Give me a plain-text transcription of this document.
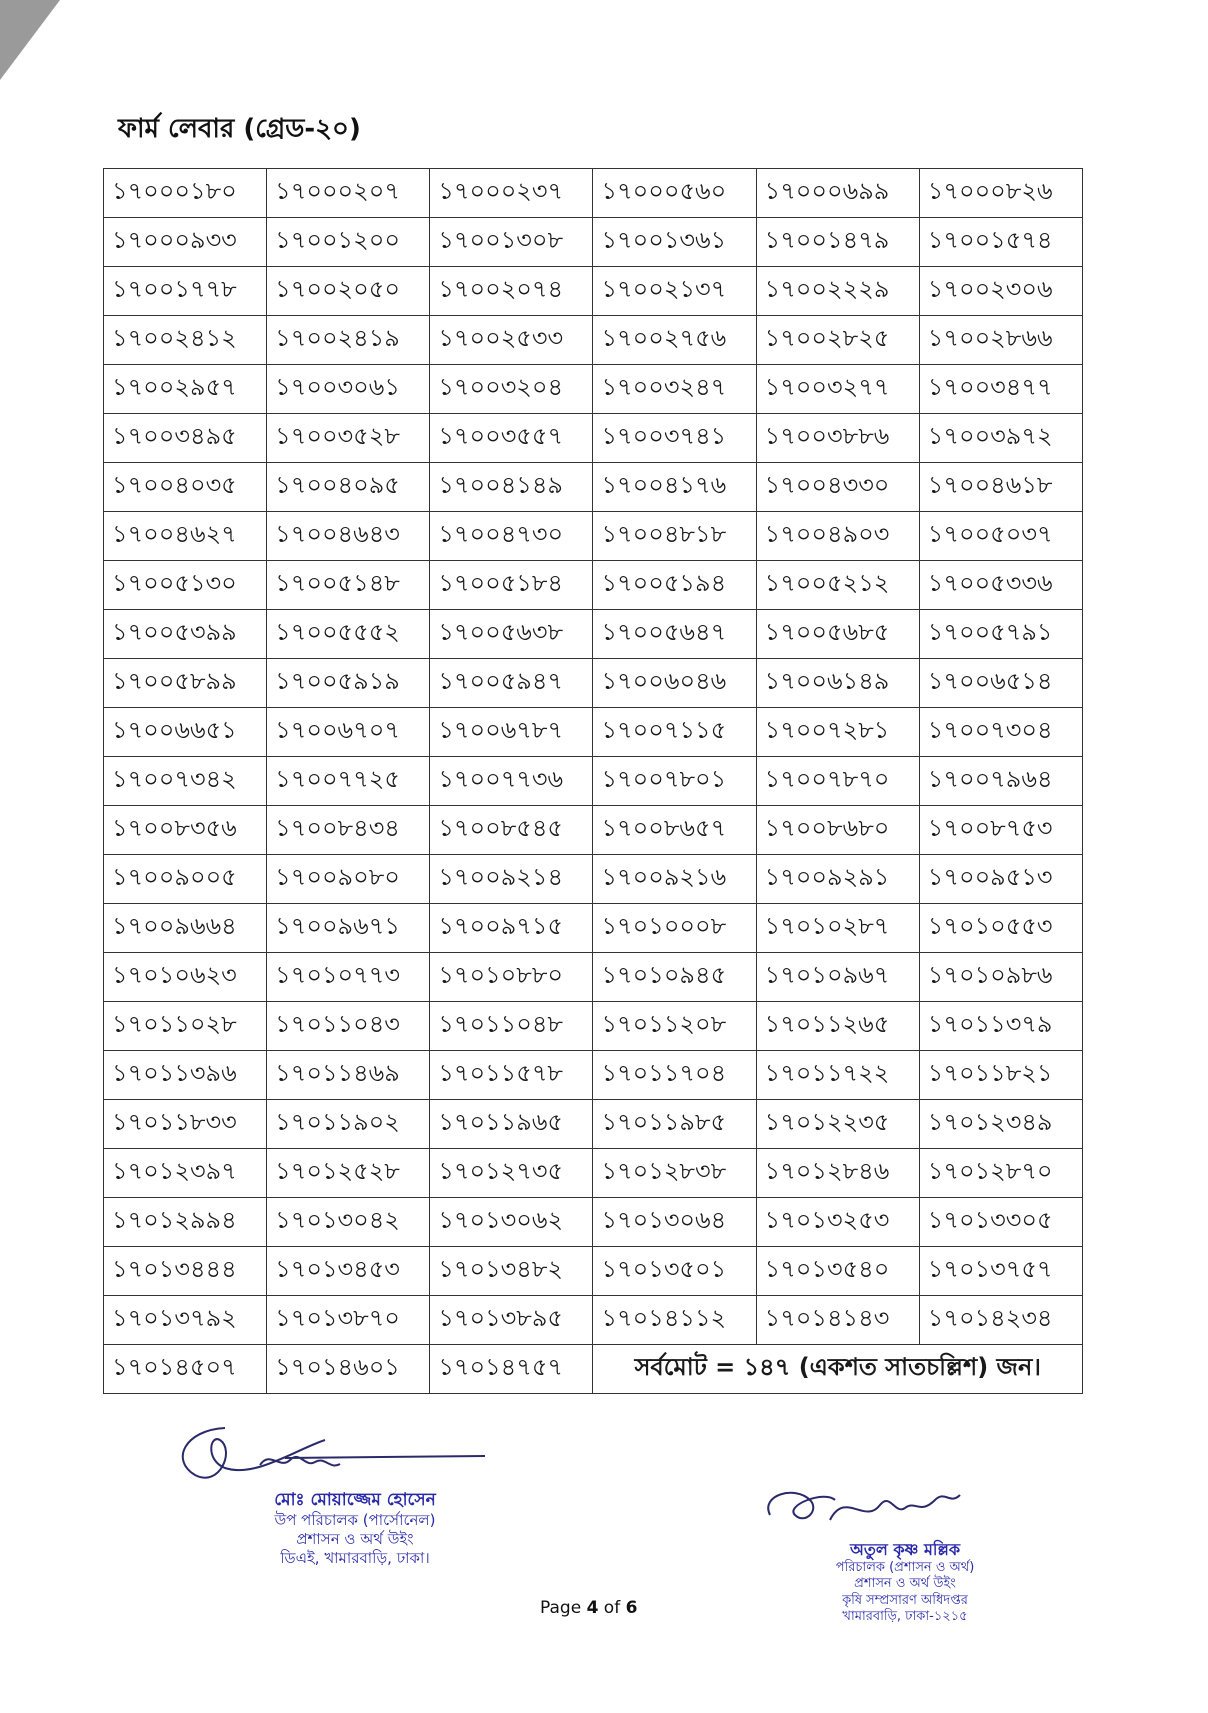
ফার্ম লেবার (গ্রেড-২০)
১৭০০০১৮০	১৭০০০২০৭	১৭০০০২৩৭	১৭০০০৫৬০	১৭০০০৬৯৯	১৭০০০৮২৬
১৭০০০৯৩৩	১৭০০১২০০	১৭০০১৩০৮	১৭০০১৩৬১	১৭০০১৪৭৯	১৭০০১৫৭৪
১৭০০১৭৭৮	১৭০০২০৫০	১৭০০২০৭৪	১৭০০২১৩৭	১৭০০২২২৯	১৭০০২৩০৬
১৭০০২৪১২	১৭০০২৪১৯	১৭০০২৫৩৩	১৭০০২৭৫৬	১৭০০২৮২৫	১৭০০২৮৬৬
১৭০০২৯৫৭	১৭০০৩০৬১	১৭০০৩২০৪	১৭০০৩২৪৭	১৭০০৩২৭৭	১৭০০৩৪৭৭
১৭০০৩৪৯৫	১৭০০৩৫২৮	১৭০০৩৫৫৭	১৭০০৩৭৪১	১৭০০৩৮৮৬	১৭০০৩৯৭২
১৭০০৪০৩৫	১৭০০৪০৯৫	১৭০০৪১৪৯	১৭০০৪১৭৬	১৭০০৪৩৩০	১৭০০৪৬১৮
১৭০০৪৬২৭	১৭০০৪৬৪৩	১৭০০৪৭৩০	১৭০০৪৮১৮	১৭০০৪৯০৩	১৭০০৫০৩৭
১৭০০৫১৩০	১৭০০৫১৪৮	১৭০০৫১৮৪	১৭০০৫১৯৪	১৭০০৫২১২	১৭০০৫৩৩৬
১৭০০৫৩৯৯	১৭০০৫৫৫২	১৭০০৫৬৩৮	১৭০০৫৬৪৭	১৭০০৫৬৮৫	১৭০০৫৭৯১
১৭০০৫৮৯৯	১৭০০৫৯১৯	১৭০০৫৯৪৭	১৭০০৬০৪৬	১৭০০৬১৪৯	১৭০০৬৫১৪
১৭০০৬৬৫১	১৭০০৬৭০৭	১৭০০৬৭৮৭	১৭০০৭১১৫	১৭০০৭২৮১	১৭০০৭৩০৪
১৭০০৭৩৪২	১৭০০৭৭২৫	১৭০০৭৭৩৬	১৭০০৭৮০১	১৭০০৭৮৭০	১৭০০৭৯৬৪
১৭০০৮৩৫৬	১৭০০৮৪৩৪	১৭০০৮৫৪৫	১৭০০৮৬৫৭	১৭০০৮৬৮০	১৭০০৮৭৫৩
১৭০০৯০০৫	১৭০০৯০৮০	১৭০০৯২১৪	১৭০০৯২১৬	১৭০০৯২৯১	১৭০০৯৫১৩
১৭০০৯৬৬৪	১৭০০৯৬৭১	১৭০০৯৭১৫	১৭০১০০০৮	১৭০১০২৮৭	১৭০১০৫৫৩
১৭০১০৬২৩	১৭০১০৭৭৩	১৭০১০৮৮০	১৭০১০৯৪৫	১৭০১০৯৬৭	১৭০১০৯৮৬
১৭০১১০২৮	১৭০১১০৪৩	১৭০১১০৪৮	১৭০১১২০৮	১৭০১১২৬৫	১৭০১১৩৭৯
১৭০১১৩৯৬	১৭০১১৪৬৯	১৭০১১৫৭৮	১৭০১১৭০৪	১৭০১১৭২২	১৭০১১৮২১
১৭০১১৮৩৩	১৭০১১৯০২	১৭০১১৯৬৫	১৭০১১৯৮৫	১৭০১২২৩৫	১৭০১২৩৪৯
১৭০১২৩৯৭	১৭০১২৫২৮	১৭০১২৭৩৫	১৭০১২৮৩৮	১৭০১২৮৪৬	১৭০১২৮৭০
১৭০১২৯৯৪	১৭০১৩০৪২	১৭০১৩০৬২	১৭০১৩০৬৪	১৭০১৩২৫৩	১৭০১৩৩০৫
১৭০১৩৪৪৪	১৭০১৩৪৫৩	১৭০১৩৪৮২	১৭০১৩৫০১	১৭০১৩৫৪০	১৭০১৩৭৫৭
১৭০১৩৭৯২	১৭০১৩৮৭০	১৭০১৩৮৯৫	১৭০১৪১১২	১৭০১৪১৪৩	১৭০১৪২৩৪
১৭০১৪৫০৭	১৭০১৪৬০১	১৭০১৪৭৫৭	সর্বমোট = ১৪৭ (একশত সাতচল্লিশ) জন।		
মোঃ মোয়াজ্জেম হোসেন
উপ পরিচালক (পার্সোনেল)
প্রশাসন ও অর্থ উইং
ডিএই, খামারবাড়ি, ঢাকা।	অতুল কৃষ্ণ মল্লিক
পরিচালক (প্রশাসন ও অর্থ)
প্রশাসন ও অর্থ উইং
কৃষি সম্প্রসারণ অধিদপ্তর
খামারবাড়ি, ঢাকা-১২১৫
Page 4 of 6
